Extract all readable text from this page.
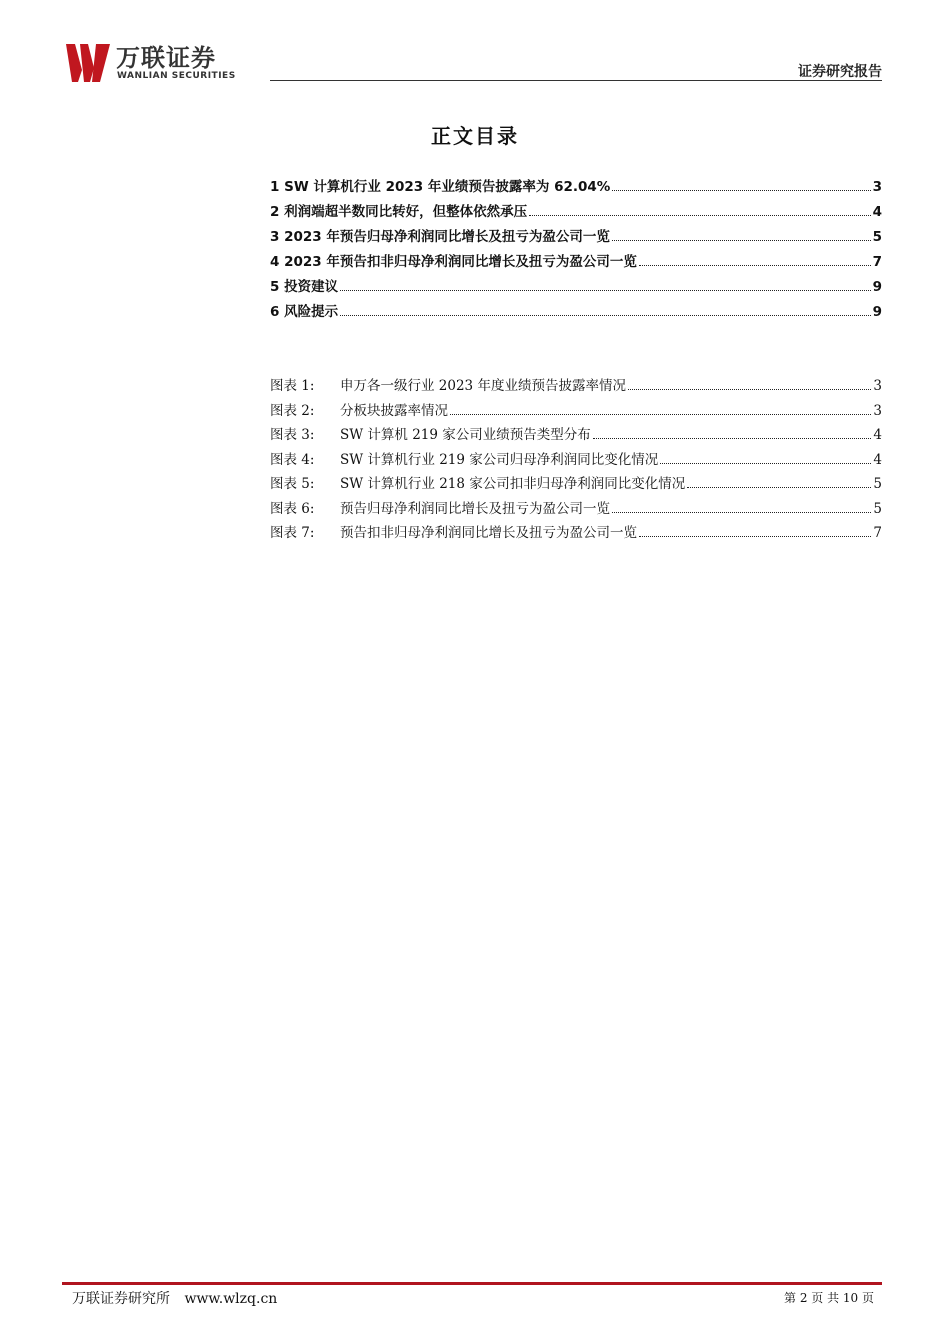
万联证券
WANLIAN SECURITIES	证券研究报告
正文目录
1 SW 计算机行业 2023 年业绩预告披露率为 62.04%	3
2 利润端超半数同比转好，但整体依然承压	4
3 2023 年预告归母净利润同比增长及扭亏为盈公司一览	5
4 2023 年预告扣非归母净利润同比增长及扭亏为盈公司一览	7
5 投资建议	9
6 风险提示	9
图表 1:	申万各一级行业 2023 年度业绩预告披露率情况	3
图表 2:	分板块披露率情况	3
图表 3:	SW 计算机 219 家公司业绩预告类型分布	4
图表 4:	SW 计算机行业 219 家公司归母净利润同比变化情况	4
图表 5:	SW 计算机行业 218 家公司扣非归母净利润同比变化情况	5
图表 6:	预告归母净利润同比增长及扭亏为盈公司一览	5
图表 7:	预告扣非归母净利润同比增长及扭亏为盈公司一览	7
万联证券研究所 www.wlzq.cn	第 2 页 共 10 页
